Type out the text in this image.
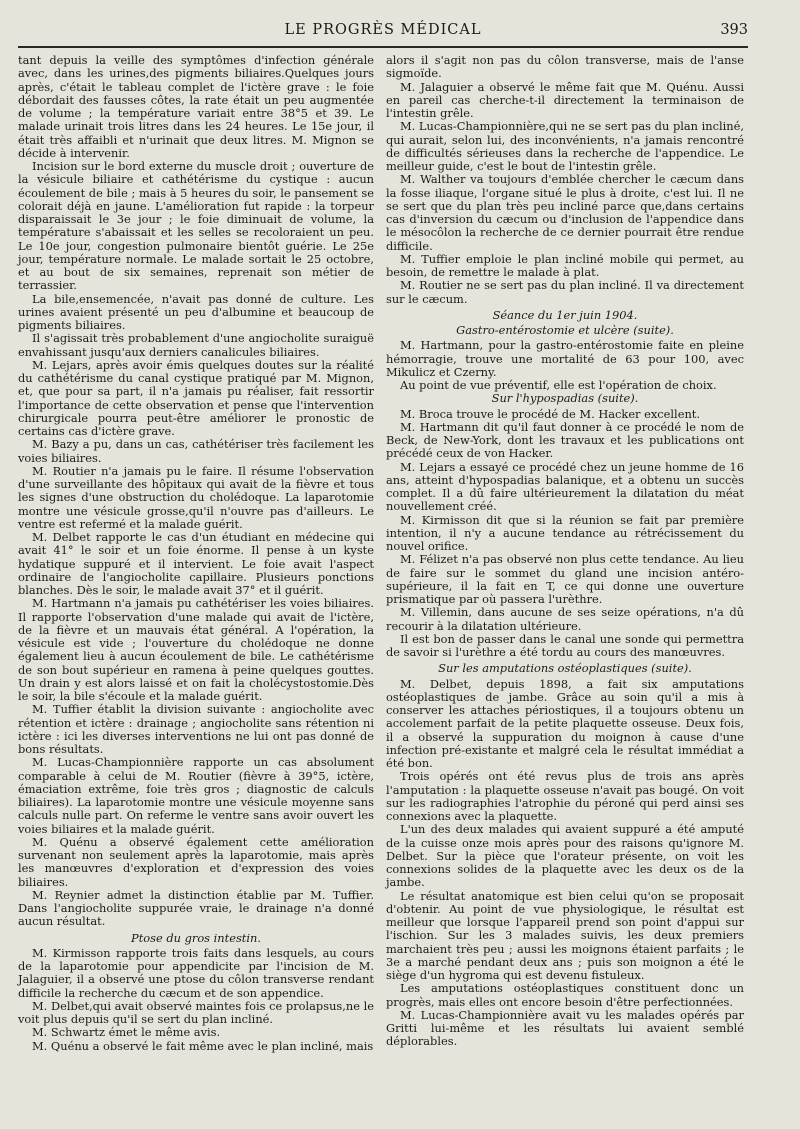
LE PROGRÈS MÉDICAL	393

tant depuis la veille des symptômes d'infection générale avec, dans les urines,des pigments biliaires.Quelques jours après, c'était le tableau complet de l'ictère grave : le foie débordait des fausses côtes, la rate était un peu augmentée de volume ; la température variait entre 38°5 et 39. Le malade urinait trois litres dans les 24 heures. Le 15e jour, il était très affaibli et n'urinait que deux litres. M. Mignon se décide à intervenir.

Incision sur le bord externe du muscle droit ; ouverture de la vésicule biliaire et cathétérisme du cystique : aucun écoulement de bile ; mais à 5 heures du soir, le pansement se colorait déjà en jaune. L'amélioration fut rapide : la torpeur disparaissait le 3e jour ; le foie diminuait de volume, la température s'abaissait et les selles se recoloraient un peu. Le 10e jour, congestion pulmonaire bientôt guérie. Le 25e jour, température normale. Le malade sortait le 25 octobre, et au bout de six semaines, reprenait son métier de terrassier.

La bile,ensemencée, n'avait pas donné de culture. Les urines avaient présenté un peu d'albumine et beaucoup de pigments biliaires.

Il s'agissait très probablement d'une angiocholite suraiguë envahissant jusqu'aux derniers canalicules biliaires.

M. Lejars, après avoir émis quelques doutes sur la réalité du cathétérisme du canal cystique pratiqué par M. Mignon, et, que pour sa part, il n'a jamais pu réaliser, fait ressortir l'importance de cette observation et pense que l'intervention chirurgicale pourra peut-être améliorer le pronostic de certains cas d'ictère grave.

M. Bazy a pu, dans un cas, cathétériser très facilement les voies biliaires.

M. Routier n'a jamais pu le faire. Il résume l'observation d'une surveillante des hôpitaux qui avait de la fièvre et tous les signes d'une obstruction du cholédoque. La laparotomie montre une vésicule grosse,qu'il n'ouvre pas d'ailleurs. Le ventre est refermé et la malade guérit.

M. Delbet rapporte le cas d'un étudiant en médecine qui avait 41° le soir et un foie énorme. Il pense à un kyste hydatique suppuré et il intervient. Le foie avait l'aspect ordinaire de l'angiocholite capillaire. Plusieurs ponctions blanches. Dès le soir, le malade avait 37° et il guérit.

M. Hartmann n'a jamais pu cathétériser les voies biliaires. Il rapporte l'observation d'une malade qui avait de l'ictère, de la fièvre et un mauvais état général. A l'opération, la vésicule est vide ; l'ouverture du cholédoque ne donne également lieu à aucun écoulement de bile. Le cathétérisme de son bout supérieur en ramena à peine quelques gouttes. Un drain y est alors laissé et on fait la cholécystostomie.Dès le soir, la bile s'écoule et la malade guérit.

M. Tuffier établit la division suivante : angiocholite avec rétention et ictère : drainage ; angiocholite sans rétention ni ictère : ici les diverses interventions ne lui ont pas donné de bons résultats.

M. Lucas-Championnière rapporte un cas absolument comparable à celui de M. Routier (fièvre à 39°5, ictère, émaciation extrême, foie très gros ; diagnostic de calculs biliaires). La laparotomie montre une vésicule moyenne sans calculs nulle part. On referme le ventre sans avoir ouvert les voies biliaires et la malade guérit.

M. Quénu a observé également cette amélioration survenant non seulement après la laparotomie, mais après les manœuvres d'exploration et d'expression des voies biliaires.

M. Reynier admet la distinction établie par M. Tuffier. Dans l'angiocholite suppurée vraie, le drainage n'a donné aucun résultat.

Ptose du gros intestin.

M. Kirmisson rapporte trois faits dans lesquels, au cours de la laparotomie pour appendicite par l'incision de M. Jalaguier, il a observé une ptose du côlon transverse rendant difficile la recherche du cæcum et de son appendice.

M. Delbet,qui avait observé maintes fois ce prolapsus,ne le voit plus depuis qu'il se sert du plan incliné.

M. Schwartz émet le même avis.

M. Quénu a observé le fait même avec le plan incliné, mais

alors il s'agit non pas du côlon transverse, mais de l'anse sigmoïde.

M. Jalaguier a observé le même fait que M. Quénu. Aussi en pareil cas cherche-t-il directement la terminaison de l'intestin grêle.

M. Lucas-Championnière,qui ne se sert pas du plan incliné, qui aurait, selon lui, des inconvénients, n'a jamais rencontré de difficultés sérieuses dans la recherche de l'appendice. Le meilleur guide, c'est le bout de l'intestin grêle.

M. Walther va toujours d'emblée chercher le cæcum dans la fosse iliaque, l'organe situé le plus à droite, c'est lui. Il ne se sert que du plan très peu incliné parce que,dans certains cas d'inversion du cæcum ou d'inclusion de l'appendice dans le mésocôlon la recherche de ce dernier pourrait être rendue difficile.

M. Tuffier emploie le plan incliné mobile qui permet, au besoin, de remettre le malade à plat.

M. Routier ne se sert pas du plan incliné. Il va directement sur le cæcum.

Séance du 1er juin 1904.

Gastro-entérostomie et ulcère (suite).

M. Hartmann, pour la gastro-entérostomie faite en pleine hémorragie, trouve une mortalité de 63 pour 100, avec Mikulicz et Czerny.

Au point de vue préventif, elle est l'opération de choix.

Sur l'hypospadias (suite).

M. Broca trouve le procédé de M. Hacker excellent.

M. Hartmann dit qu'il faut donner à ce procédé le nom de Beck, de New-York, dont les travaux et les publications ont précédé ceux de von Hacker.

M. Lejars a essayé ce procédé chez un jeune homme de 16 ans, atteint d'hypospadias balanique, et a obtenu un succès complet. Il a dû faire ultérieurement la dilatation du méat nouvellement créé.

M. Kirmisson dit que si la réunion se fait par première intention, il n'y a aucune tendance au rétrécissement du nouvel orifice.

M. Félizet n'a pas observé non plus cette tendance. Au lieu de faire sur le sommet du gland une incision antéro-supérieure, il la fait en T, ce qui donne une ouverture prismatique par où passera l'urèthre.

M. Villemin, dans aucune de ses seize opérations, n'a dû recourir à la dilatation ultérieure.

Il est bon de passer dans le canal une sonde qui permettra de savoir si l'urèthre a été tordu au cours des manœuvres.

Sur les amputations ostéoplastiques (suite).

M. Delbet, depuis 1898, a fait six amputations ostéoplastiques de jambe. Grâce au soin qu'il a mis à conserver les attaches périostiques, il a toujours obtenu un accolement parfait de la petite plaquette osseuse. Deux fois, il a observé la suppuration du moignon à cause d'une infection pré-existante et malgré cela le résultat immédiat a été bon.

Trois opérés ont été revus plus de trois ans après l'amputation : la plaquette osseuse n'avait pas bougé. On voit sur les radiographies l'atrophie du péroné qui perd ainsi ses connexions avec la plaquette.

L'un des deux malades qui avaient suppuré a été amputé de la cuisse onze mois après pour des raisons qu'ignore M. Delbet. Sur la pièce que l'orateur présente, on voit les connexions solides de la plaquette avec les deux os de la jambe.

Le résultat anatomique est bien celui qu'on se proposait d'obtenir. Au point de vue physiologique, le résultat est meilleur que lorsque l'appareil prend son point d'appui sur l'ischion. Sur les 3 malades suivis, les deux premiers marchaient très peu ; aussi les moignons étaient parfaits ; le 3e a marché pendant deux ans ; puis son moignon a été le siège d'un hygroma qui est devenu fistuleux.

Les amputations ostéoplastiques constituent donc un progrès, mais elles ont encore besoin d'être perfectionnées.

M. Lucas-Championnière avait vu les malades opérés par Gritti lui-même et les résultats lui avaient semblé déplorables.
